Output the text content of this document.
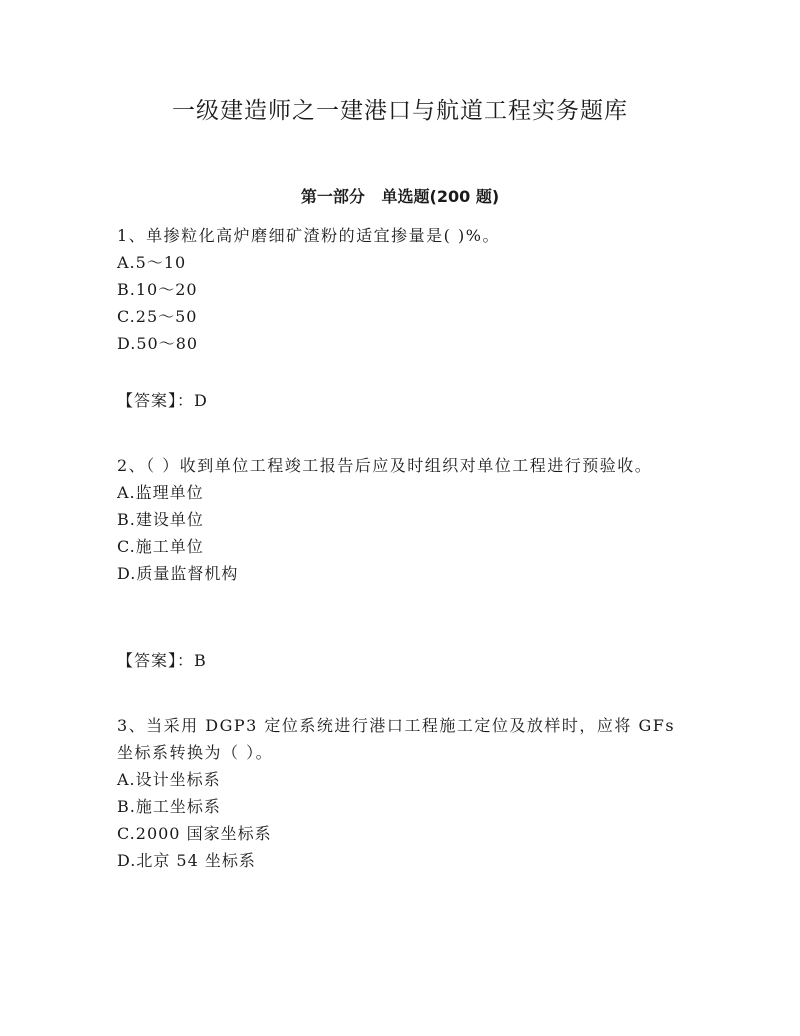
一级建造师之一建港口与航道工程实务题库
第一部分   单选题(200 题)

1、单掺粒化高炉磨细矿渣粉的适宜掺量是( )%。

A.5～10

B.10～20

C.25～50

D.50～80

【答案】：D

2、（ ）收到单位工程竣工报告后应及时组织对单位工程进行预验收。

A.监理单位

B.建设单位

C.施工单位

D.质量监督机构

【答案】：B

3、当采用 DGP3 定位系统进行港口工程施工定位及放样时，应将 GFs 坐标系转换为（ ）。

A.设计坐标系

B.施工坐标系

C.2000 国家坐标系

D.北京 54 坐标系
